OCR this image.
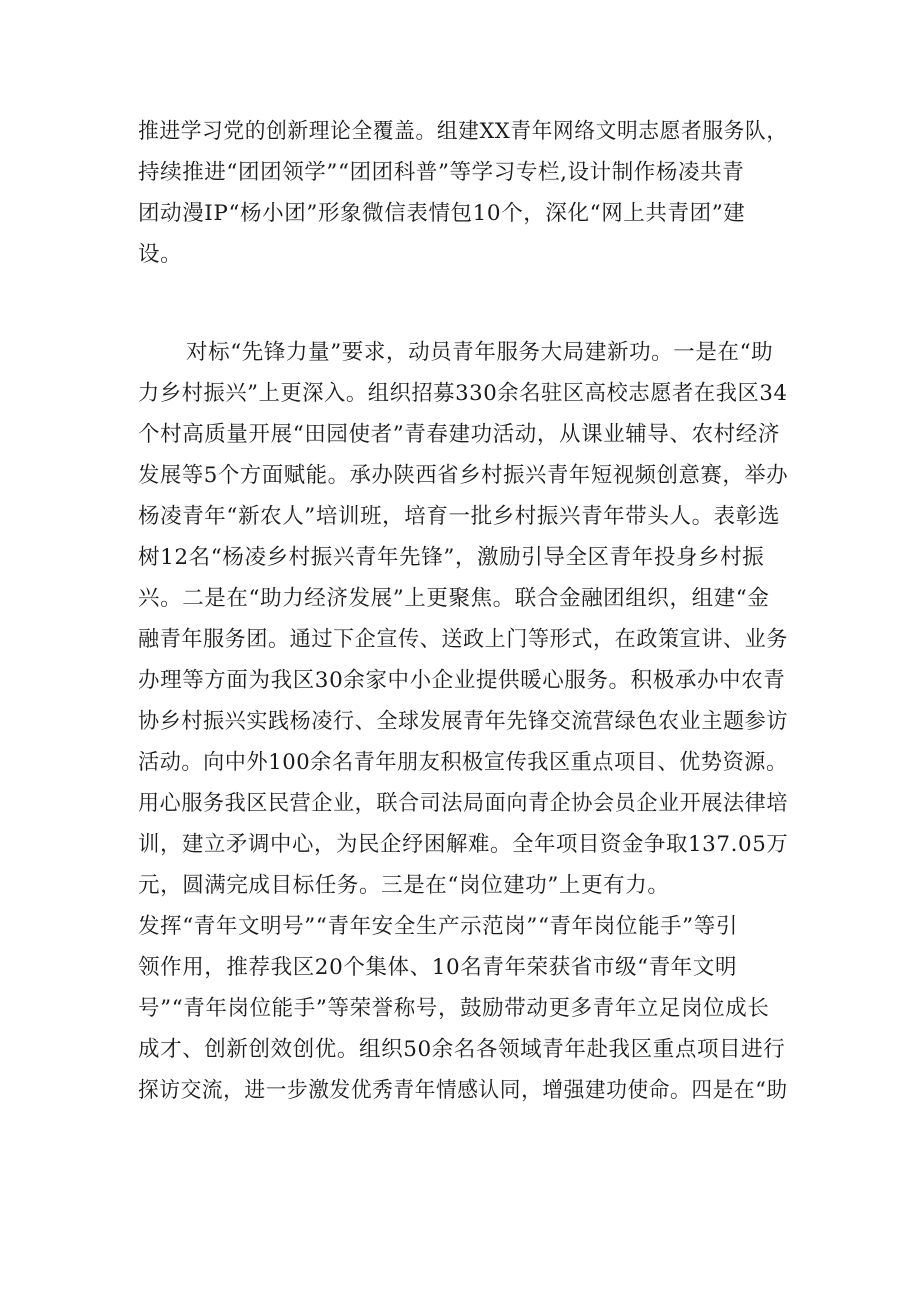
推进学习党的创新理论全覆盖。组建XX青年网络文明志愿者服务队，
持续推进“团团领学”“团团科普”等学习专栏,设计制作杨凌共青
团动漫IP“杨小团”形象微信表情包10个，深化“网上共青团”建
设。
对标“先锋力量”要求，动员青年服务大局建新功。一是在“助
力乡村振兴”上更深入。组织招募330余名驻区高校志愿者在我区34
个村高质量开展“田园使者”青春建功活动，从课业辅导、农村经济
发展等5个方面赋能。承办陕西省乡村振兴青年短视频创意赛，举办
杨凌青年“新农人”培训班，培育一批乡村振兴青年带头人。表彰选
树12名“杨凌乡村振兴青年先锋”，激励引导全区青年投身乡村振
兴。二是在“助力经济发展”上更聚焦。联合金融团组织，组建“金
融青年服务团。通过下企宣传、送政上门等形式，在政策宣讲、业务
办理等方面为我区30余家中小企业提供暖心服务。积极承办中农青
协乡村振兴实践杨凌行、全球发展青年先锋交流营绿色农业主题参访
活动。向中外100余名青年朋友积极宣传我区重点项目、优势资源。
用心服务我区民营企业，联合司法局面向青企协会员企业开展法律培
训，建立矛调中心，为民企纾困解难。全年项目资金争取137.05万
元，圆满完成目标任务。三是在“岗位建功”上更有力。
发挥“青年文明号”“青年安全生产示范岗”“青年岗位能手”等引
领作用，推荐我区20个集体、10名青年荣获省市级“青年文明
号”“青年岗位能手”等荣誉称号，鼓励带动更多青年立足岗位成长
成才、创新创效创优。组织50余名各领域青年赴我区重点项目进行
探访交流，进一步激发优秀青年情感认同，增强建功使命。四是在“助
